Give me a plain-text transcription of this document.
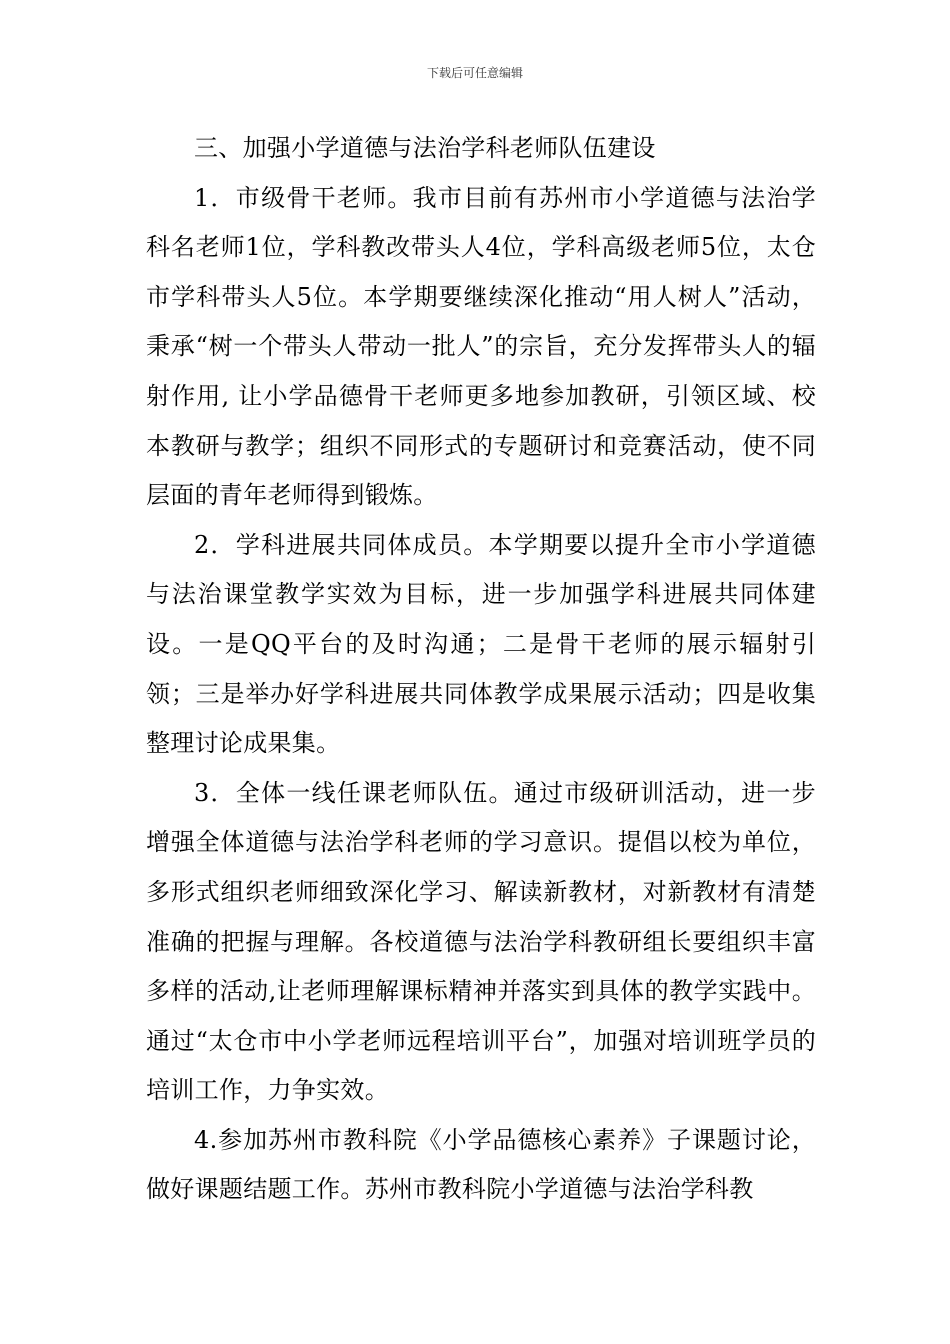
下载后可任意编辑

三、加强小学道德与法治学科老师队伍建设

1．市级骨干老师。我市目前有苏州市小学道德与法治学科名老师1位，学科教改带头人4位，学科高级老师5位，太仓市学科带头人5位。本学期要继续深化推动“用人树人”活动，秉承“树一个带头人带动一批人”的宗旨，充分发挥带头人的辐射作用, 让小学品德骨干老师更多地参加教研，引领区域、校本教研与教学；组织不同形式的专题研讨和竞赛活动，使不同层面的青年老师得到锻炼。

2．学科进展共同体成员。本学期要以提升全市小学道德与法治课堂教学实效为目标，进一步加强学科进展共同体建设。一是QQ平台的及时沟通；二是骨干老师的展示辐射引领；三是举办好学科进展共同体教学成果展示活动；四是收集整理讨论成果集。

3．全体一线任课老师队伍。通过市级研训活动，进一步增强全体道德与法治学科老师的学习意识。提倡以校为单位，多形式组织老师细致深化学习、解读新教材，对新教材有清楚准确的把握与理解。各校道德与法治学科教研组长要组织丰富多样的活动,让老师理解课标精神并落实到具体的教学实践中。通过“太仓市中小学老师远程培训平台”，加强对培训班学员的培训工作，力争实效。

4.参加苏州市教科院《小学品德核心素养》子课题讨论，做好课题结题工作。苏州市教科院小学道德与法治学科教
